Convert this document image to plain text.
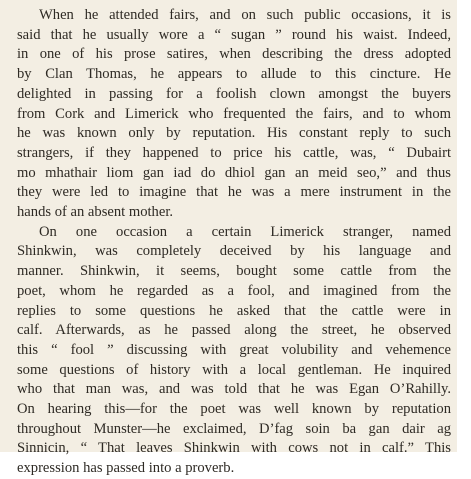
When he attended fairs, and on such public occasions, it is
said that he usually wore a “ sugan ” round his waist. Indeed,
in one of his prose satires, when describing the dress adopted
by Clan Thomas, he appears to allude to this cincture. He
delighted in passing for a foolish clown amongst the buyers
from Cork and Limerick who frequented the fairs, and to whom
he was known only by reputation. His constant reply to such
strangers, if they happened to price his cattle, was, “ Dubairt
mo mhathair liom gan iad do dhiol gan an meid seo,” and thus
they were led to imagine that he was a mere instrument in the
hands of an absent mother.
On one occasion a certain Limerick stranger, named
Shinkwin, was completely deceived by his language and
manner. Shinkwin, it seems, bought some cattle from the
poet, whom he regarded as a fool, and imagined from the
replies to some questions he asked that the cattle were in
calf. Afterwards, as he passed along the street, he observed
this “ fool ” discussing with great volubility and vehemence
some questions of history with a local gentleman. He inquired
who that man was, and was told that he was Egan O’Rahilly.
On hearing this—for the poet was well known by reputation
throughout Munster—he exclaimed, D’fag soin ba gan dair ag
Sinnicin, “ That leaves Shinkwin with cows not in calf.” This
expression has passed into a proverb.
